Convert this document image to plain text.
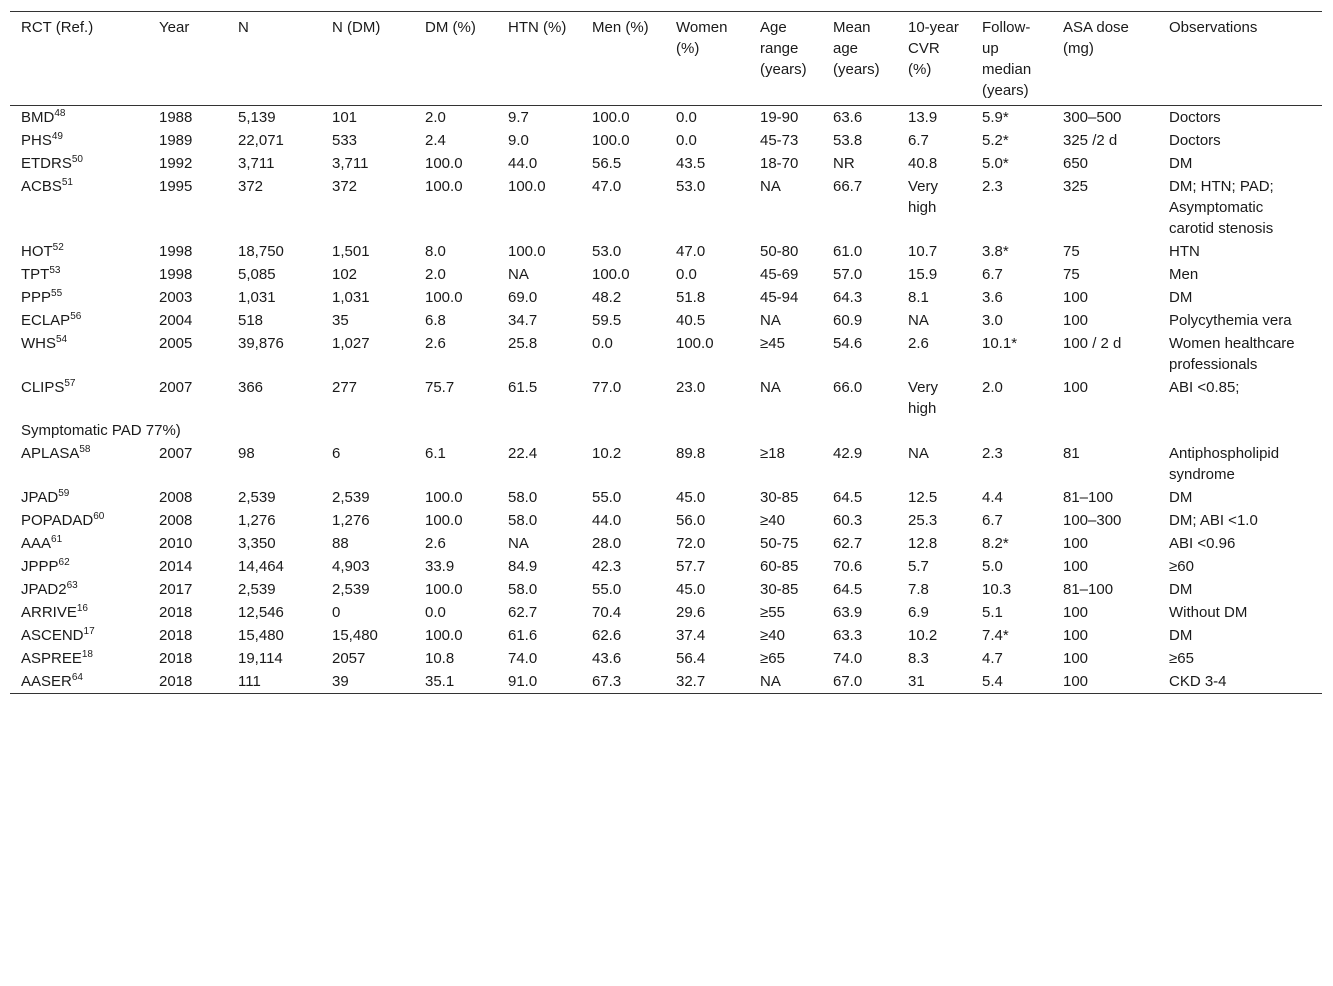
RCT (Ref.)	Year	N	N (DM)	DM (%)	HTN (%)	Men (%)	Women (%)	Age range (years)	Mean age (years)	10-year CVR (%)	Follow-up median (years)	ASA dose (mg)	Observations
BMD$^{48}$	1988	5,139	101	2.0	9.7	100.0	0.0	19-90	63.6	13.9	5.9*	300–500	Doctors
PHS$^{49}$	1989	22,071	533	2.4	9.0	100.0	0.0	45-73	53.8	6.7	5.2*	325 /2 d	Doctors
ETDRS$^{50}$	1992	3,711	3,711	100.0	44.0	56.5	43.5	18-70	NR	40.8	5.0*	650	DM
ACBS$^{51}$	1995	372	372	100.0	100.0	47.0	53.0	NA	66.7	Very high	2.3	325	DM; HTN; PAD; Asymptomatic carotid stenosis
HOT$^{52}$	1998	18,750	1,501	8.0	100.0	53.0	47.0	50-80	61.0	10.7	3.8*	75	HTN
TPT$^{53}$	1998	5,085	102	2.0	NA	100.0	0.0	45-69	57.0	15.9	6.7	75	Men
PPP$^{55}$	2003	1,031	1,031	100.0	69.0	48.2	51.8	45-94	64.3	8.1	3.6	100	DM
ECLAP$^{56}$	2004	518	35	6.8	34.7	59.5	40.5	NA	60.9	NA	3.0	100	Polycythemia vera
WHS$^{54}$	2005	39,876	1,027	2.6	25.8	0.0	100.0	≥45	54.6	2.6	10.1*	100 / 2 d	Women healthcare professionals
CLIPS$^{57}$	2007	366	277	75.7	61.5	77.0	23.0	NA	66.0	Very high	2.0	100	ABI <0.85;
Symptomatic PAD 77%)													
APLASA$^{58}$	2007	98	6	6.1	22.4	10.2	89.8	≥18	42.9	NA	2.3	81	Antiphospholipid syndrome
JPAD$^{59}$	2008	2,539	2,539	100.0	58.0	55.0	45.0	30-85	64.5	12.5	4.4	81–100	DM
POPADAD$^{60}$	2008	1,276	1,276	100.0	58.0	44.0	56.0	≥40	60.3	25.3	6.7	100–300	DM; ABI <1.0
AAA$^{61}$	2010	3,350	88	2.6	NA	28.0	72.0	50-75	62.7	12.8	8.2*	100	ABI <0.96
JPPP$^{62}$	2014	14,464	4,903	33.9	84.9	42.3	57.7	60-85	70.6	5.7	5.0	100	≥60
$JPAD2^{63}$	2017	2,539	2,539	100.0	58.0	55.0	45.0	30-85	64.5	7.8	10.3	81–100	DM
ARRIVE$^{16}$	2018	12,546	0	0.0	62.7	70.4	29.6	≥55	63.9	6.9	5.1	100	Without DM
ASCEND$^{17}$	2018	15,480	15,480	100.0	61.6	62.6	37.4	≥40	63.3	10.2	7.4*	100	DM
ASPREE$^{18}$	2018	19,114	2057	10.8	74.0	43.6	56.4	≥65	74.0	8.3	4.7	100	≥65
AASER$^{64}$	2018	111	39	35.1	91.0	67.3	32.7	NA	67.0	31	5.4	100	CKD 3-4
